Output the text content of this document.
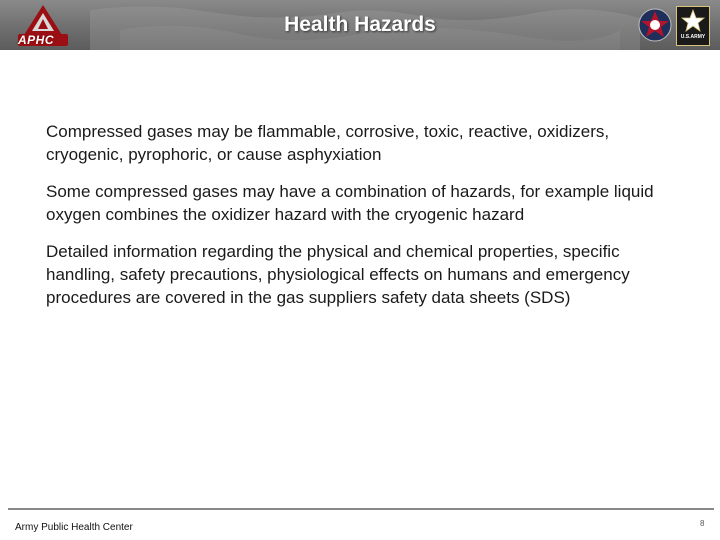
APHC
Health Hazards
U.S.ARMY

Compressed gases may be flammable, corrosive, toxic, reactive, oxidizers, cryogenic, pyrophoric, or cause asphyxiation

Some compressed gases may have a combination of hazards, for example liquid oxygen combines the oxidizer hazard with the cryogenic hazard

Detailed information regarding the physical and chemical properties, specific handling, safety precautions, physiological effects on humans and emergency procedures are covered in the gas suppliers safety data sheets (SDS)

Army Public Health Center	8
